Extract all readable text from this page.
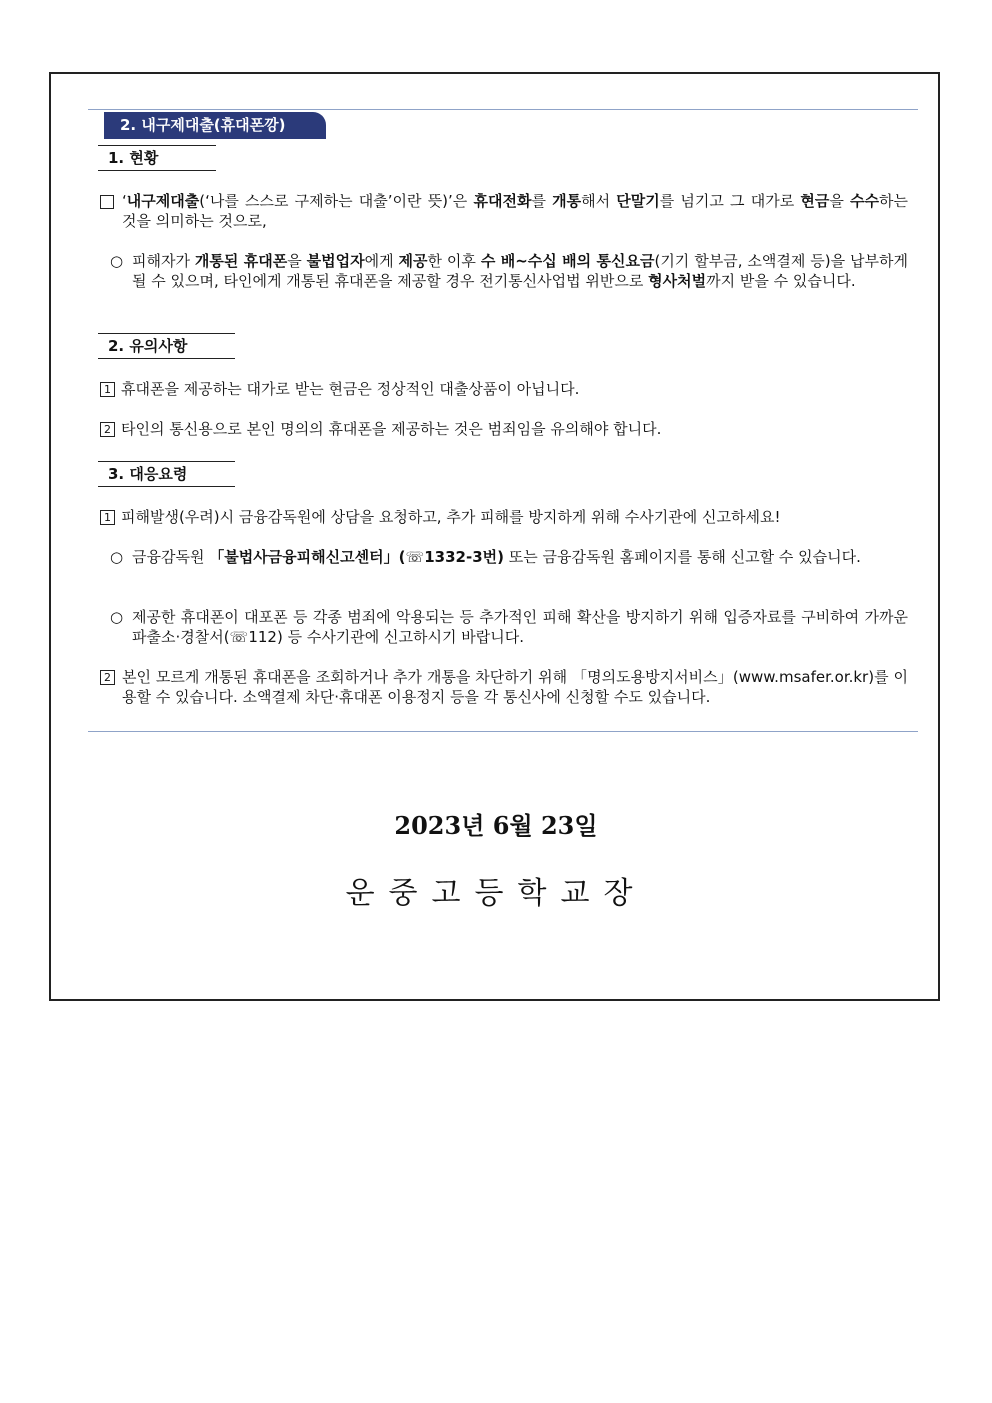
2. 내구제대출(휴대폰깡)
1. 현황
‘내구제대출(‘나를 스스로 구제하는 대출’이란 뜻)’은 휴대전화를 개통해서 단말기를 넘기고 그 대가로 현금을 수수하는 것을 의미하는 것으로,
○ 피해자가 개통된 휴대폰을 불법업자에게 제공한 이후 수 배~수십 배의 통신요금(기기 할부금, 소액결제 등)을 납부하게 될 수 있으며, 타인에게 개통된 휴대폰을 제공할 경우 전기통신사업법 위반으로 형사처벌까지 받을 수 있습니다.
2. 유의사항
1 휴대폰을 제공하는 대가로 받는 현금은 정상적인 대출상품이 아닙니다.
2 타인의 통신용으로 본인 명의의 휴대폰을 제공하는 것은 범죄임을 유의해야 합니다.
3. 대응요령
1 피해발생(우려)시 금융감독원에 상담을 요청하고, 추가 피해를 방지하게 위해 수사기관에 신고하세요!
○ 금융감독원 「불법사금융피해신고센터」(☏1332-3번) 또는 금융감독원 홈페이지를 통해 신고할 수 있습니다.
○ 제공한 휴대폰이 대포폰 등 각종 범죄에 악용되는 등 추가적인 피해 확산을 방지하기 위해 입증자료를 구비하여 가까운 파출소·경찰서(☏112) 등 수사기관에 신고하시기 바랍니다.
2 본인 모르게 개통된 휴대폰을 조회하거나 추가 개통을 차단하기 위해 「명의도용방지서비스」(www.msafer.or.kr)를 이용할 수 있습니다. 소액결제 차단·휴대폰 이용정지 등을 각 통신사에 신청할 수도 있습니다.
2023년 6월 23일
운중고등학교장
